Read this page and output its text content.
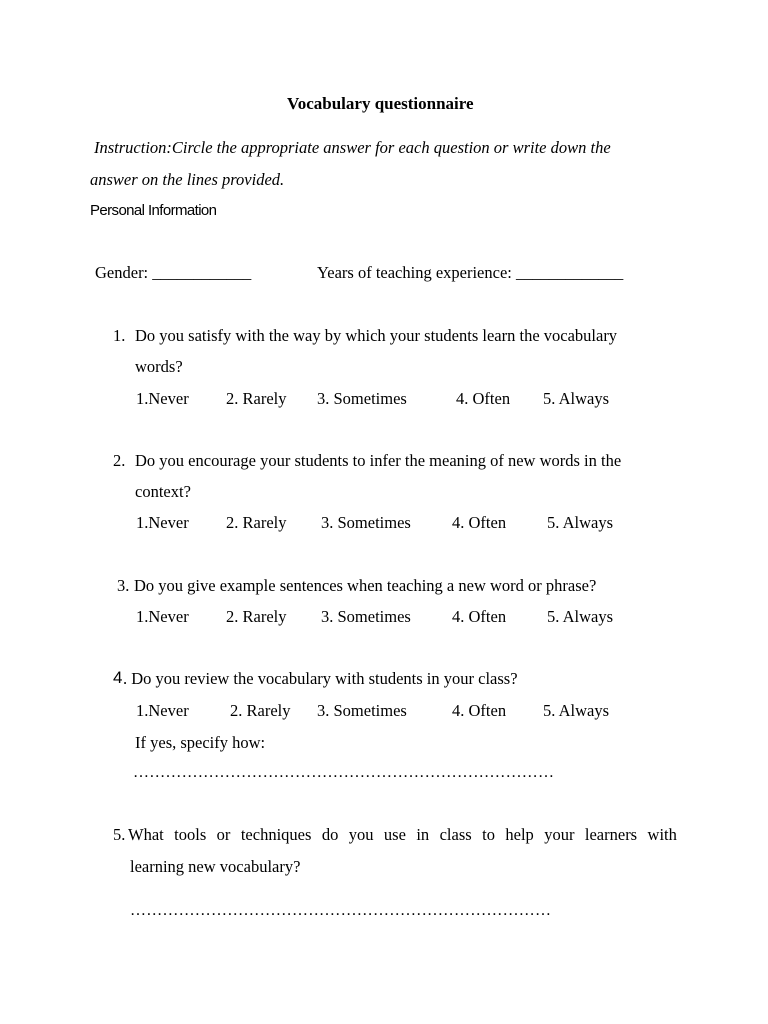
Vocabulary questionnaire
Instruction:Circle the appropriate answer for each question or write down the
answer on the lines provided.
Personal Information
Gender: ____________	Years of teaching experience: _____________
1. Do you satisfy with the way by which your students learn the vocabulary
words?
1.Never 2. Rarely 3. Sometimes	4. Often 5. Always
2. Do you encourage your students to infer the meaning of new words in the
context?
1.Never 2. Rarely 3. Sometimes 4. Often 5. Always
3. Do you give example sentences when teaching a new word or phrase?
1.Never 2. Rarely 3. Sometimes 4. Often 5. Always
4 . Do you review the vocabulary with students in your class?
1.Never	2. Rarely 3. Sometimes	4. Often 5. Always
If yes, specify how:
……………………………………………………………………
5. What tools or techniques do you use in class to help your learners with
learning new vocabulary?
……………………………………………………………………
